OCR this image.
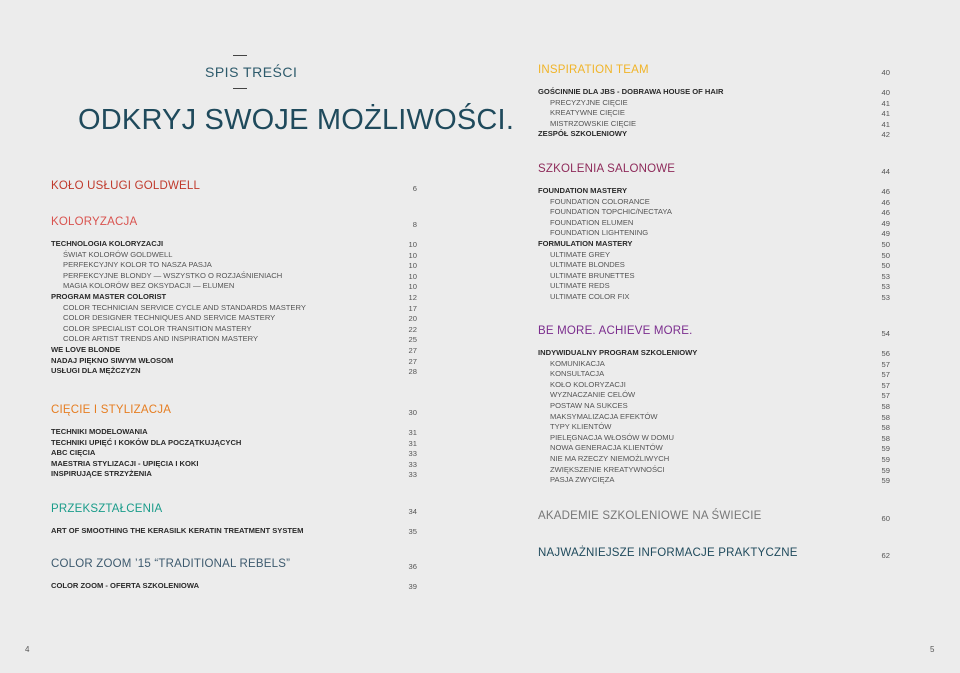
SPIS TREŚCI
ODKRYJ SWOJE MOŻLIWOŚCI.
KOŁO USŁUGI GOLDWELL	6
KOLORYZACJA	8
TECHNOLOGIA KOLORYZACJI	10
ŚWIAT KOLORÓW GOLDWELL	10
PERFEKCYJNY KOLOR TO NASZA PASJA	10
PERFEKCYJNE BLONDY — WSZYSTKO O ROZJAŚNIENIACH	10
MAGIA KOLORÓW BEZ OKSYDACJI — ELUMEN	10
PROGRAM MASTER COLORIST	12
COLOR TECHNICIAN SERVICE CYCLE AND STANDARDS MASTERY	17
COLOR DESIGNER TECHNIQUES AND SERVICE MASTERY	20
COLOR SPECIALIST COLOR TRANSITION MASTERY	22
COLOR ARTIST TRENDS AND INSPIRATION MASTERY	25
WE LOVE BLONDE	27
NADAJ PIĘKNO SIWYM WŁOSOM	27
USŁUGI DLA MĘŻCZYZN	28
CIĘCIE I STYLIZACJA	30
TECHNIKI MODELOWANIA	31
TECHNIKI UPIĘĆ I KOKÓW DLA POCZĄTKUJĄCYCH	31
ABC CIĘCIA	33
MAESTRIA STYLIZACJI - UPIĘCIA I KOKI	33
INSPIRUJĄCE STRZYŻENIA	33
PRZEKSZTAŁCENIA	34
ART OF SMOOTHING THE KERASILK KERATIN TREATMENT SYSTEM	35
COLOR ZOOM ’15 “TRADITIONAL REBELS”	36
COLOR ZOOM - OFERTA SZKOLENIOWA	39
INSPIRATION TEAM	40
GOŚCINNIE DLA JBS - DOBRAWA HOUSE OF HAIR	40
PRECYZYJNE CIĘCIE	41
KREATYWNE CIĘCIE	41
MISTRZOWSKIE CIĘCIE	41
ZESPÓŁ SZKOLENIOWY	42
SZKOLENIA SALONOWE	44
FOUNDATION MASTERY	46
FOUNDATION COLORANCE	46
FOUNDATION TOPCHIC/NECTAYA	46
FOUNDATION ELUMEN	49
FOUNDATION LIGHTENING	49
FORMULATION MASTERY	50
ULTIMATE GREY	50
ULTIMATE BLONDES	50
ULTIMATE BRUNETTES	53
ULTIMATE REDS	53
ULTIMATE COLOR FIX	53
BE MORE. ACHIEVE MORE.	54
INDYWIDUALNY PROGRAM SZKOLENIOWY	56
KOMUNIKACJA	57
KONSULTACJA	57
KOŁO KOLORYZACJI	57
WYZNACZANIE CELÓW	57
POSTAW NA SUKCES	58
MAKSYMALIZACJA EFEKTÓW	58
TYPY KLIENTÓW	58
PIELĘGNACJA WŁOSÓW W DOMU	58
NOWA GENERACJA KLIENTÓW	59
NIE MA RZECZY NIEMOŻLIWYCH	59
ZWIĘKSZENIE KREATYWNOŚCI	59
PASJA ZWYCIĘZA	59
AKADEMIE SZKOLENIOWE NA ŚWIECIE	60
NAJWAŻNIEJSZE INFORMACJE PRAKTYCZNE	62
4	5
